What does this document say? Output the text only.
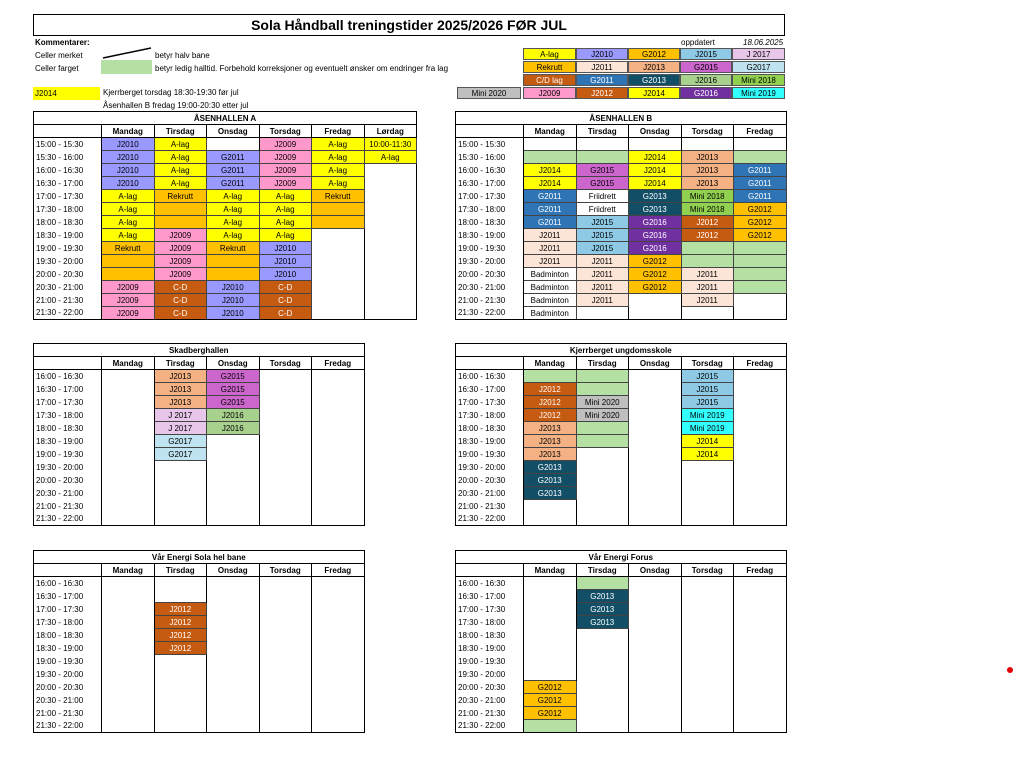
Sola Håndball treningstider 2025/2026 FØR JUL
oppdatert	18.06.2025
Kommentarer:
Celler merket	betyr halv bane
Celler farget	betyr ledig halltid. Forbehold korreksjoner og eventuelt ønsker om endringer fra lag
J2014	Kjerrberget torsdag 18:30-19:30 før jul
Åsenhallen B fredag 19:00-20:30 etter jul
A-lag	J2010	G2012	J2015	J 2017
Rekrutt	J2011	J2013	G2015	G2017
C/D lag	G2011	G2013	J2016	Mini 2018
Mini 2020	J2009	J2012	J2014	G2016	Mini 2019
ÅSENHALLEN A						
	Mandag	Tirsdag	Onsdag	Torsdag	Fredag	Lørdag
15:00 - 15:30	J2010	A-lag		J2009	A-lag	10:00-11:30
15:30 - 16:00	J2010	A-lag	G2011	J2009	A-lag	A-lag
16:00 - 16:30	J2010	A-lag	G2011	J2009	A-lag	
16:30 - 17:00	J2010	A-lag	G2011	J2009	A-lag	
17:00 - 17:30	A-lag	Rekrutt	A-lag	A-lag	Rekrutt	
17:30 - 18:00	A-lag		A-lag	A-lag		
18:00 - 18:30	A-lag		A-lag	A-lag		
18:30 - 19:00	A-lag	J2009	A-lag	A-lag		
19:00 - 19:30	Rekrutt	J2009	Rekrutt	J2010		
19:30 - 20:00		J2009		J2010		
20:00 - 20:30		J2009		J2010		
20:30 - 21:00	J2009	C-D	J2010	C-D		
21:00 - 21:30	J2009	C-D	J2010	C-D		
21:30 - 22:00	J2009	C-D	J2010	C-D		
ÅSENHALLEN B					
	Mandag	Tirsdag	Onsdag	Torsdag	Fredag
15:00 - 15:30					
15:30 - 16:00			J2014	J2013	
16:00 - 16:30	J2014	G2015	J2014	J2013	G2011
16:30 - 17:00	J2014	G2015	J2014	J2013	G2011
17:00 - 17:30	G2011	Friidrett	G2013	Mini 2018	G2011
17:30 - 18:00	G2011	Friidrett	G2013	Mini 2018	G2012
18:00 - 18:30	G2011	J2015	G2016	J2012	G2012
18:30 - 19:00	J2011	J2015	G2016	J2012	G2012
19:00 - 19:30	J2011	J2015	G2016		
19:30 - 20:00	J2011	J2011	G2012		
20:00 - 20:30	Badminton	J2011	G2012	J2011	
20:30 - 21:00	Badminton	J2011	G2012	J2011	
21:00 - 21:30	Badminton	J2011		J2011	
21:30 - 22:00	Badminton				
Skadberghallen					
	Mandag	Tirsdag	Onsdag	Torsdag	Fredag
16:00 - 16:30		J2013	G2015		
16:30 - 17:00		J2013	G2015		
17:00 - 17:30		J2013	G2015		
17:30 - 18:00		J 2017	J2016		
18:00 - 18:30		J 2017	J2016		
18:30 - 19:00		G2017			
19:00 - 19:30		G2017			
19:30 - 20:00					
20:00 - 20:30					
20:30 - 21:00					
21:00 - 21:30					
21:30 - 22:00					
Kjerrberget ungdomsskole					
	Mandag	Tirsdag	Onsdag	Torsdag	Fredag
16:00 - 16:30				J2015	
16:30 - 17:00	J2012			J2015	
17:00 - 17:30	J2012	Mini 2020		J2015	
17:30 - 18:00	J2012	Mini 2020		Mini 2019	
18:00 - 18:30	J2013			Mini 2019	
18:30 - 19:00	J2013			J2014	
19:00 - 19:30	J2013			J2014	
19:30 - 20:00	G2013				
20:00 - 20:30	G2013				
20:30 - 21:00	G2013				
21:00 - 21:30					
21:30 - 22:00					
Vår Energi Sola hel bane					
	Mandag	Tirsdag	Onsdag	Torsdag	Fredag
16:00 - 16:30					
16:30 - 17:00					
17:00 - 17:30		J2012			
17:30 - 18:00		J2012			
18:00 - 18:30		J2012			
18:30 - 19:00		J2012			
19:00 - 19:30					
19:30 - 20:00					
20:00 - 20:30					
20:30 - 21:00					
21:00 - 21:30					
21:30 - 22:00					
Vår Energi Forus					
	Mandag	Tirsdag	Onsdag	Torsdag	Fredag
16:00 - 16:30					
16:30 - 17:00		G2013			
17:00 - 17:30		G2013			
17:30 - 18:00		G2013			
18:00 - 18:30					
18:30 - 19:00					
19:00 - 19:30					
19:30 - 20:00					
20:00 - 20:30	G2012				
20:30 - 21:00	G2012				
21:00 - 21:30	G2012				
21:30 - 22:00					
